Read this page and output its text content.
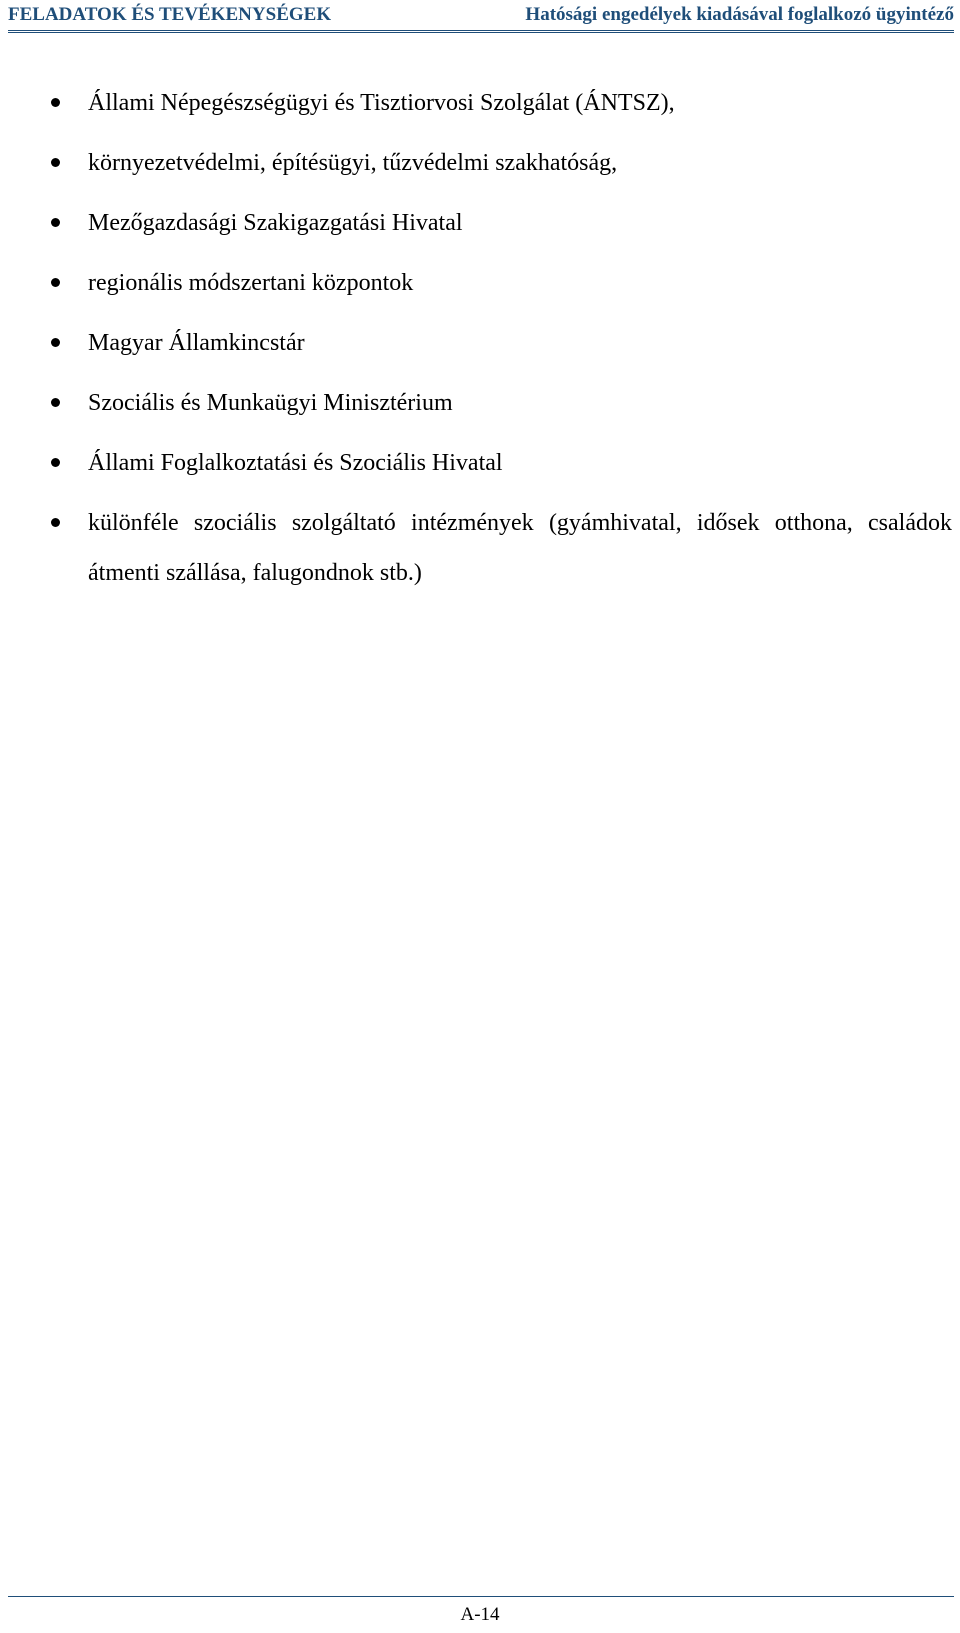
FELADATOK ÉS TEVÉKENYSÉGEK	Hatósági engedélyek kiadásával foglalkozó ügyintéző
Állami Népegészségügyi és Tisztiorvosi Szolgálat (ÁNTSZ),
környezetvédelmi, építésügyi, tűzvédelmi szakhatóság,
Mezőgazdasági Szakigazgatási Hivatal
regionális módszertani központok
Magyar Államkincstár
Szociális és Munkaügyi Minisztérium
Állami Foglalkoztatási és Szociális Hivatal
különféle szociális szolgáltató intézmények (gyámhivatal, idősek otthona, családok átmenti szállása, falugondnok stb.)
A-14
